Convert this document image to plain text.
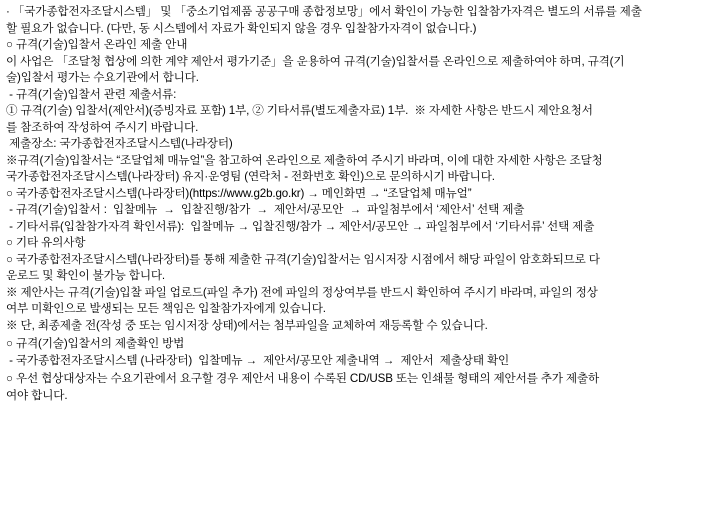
· 「국가종합전자조달시스템」 및 「중소기업제품 공공구매 종합정보망」에서 확인이 가능한 입찰참가자격은 별도의 서류를 제출
할 필요가 없습니다. (다만, 동 시스템에서 자료가 확인되지 않을 경우 입찰참가자격이 없습니다.)
○ 규격(기술)입찰서 온라인 제출 안내
이 사업은 「조달청 협상에 의한 계약 제안서 평가기준」을 운용하여 규격(기술)입찰서를 온라인으로 제출하여야 하며, 규격(기
술)입찰서 평가는 수요기관에서 합니다.
- 규격(기술)입찰서 관련 제출서류:
① 규격(기술) 입찰서(제안서)(증빙자료 포함) 1부, ② 기타서류(별도제출자료) 1부.  ※ 자세한 사항은 반드시 제안요청서
를 참조하여 작성하여 주시기 바랍니다.
제출장소: 국가종합전자조달시스템(나라장터)
※규격(기술)입찰서는 “조달업체 매뉴얼”을 참고하여 온라인으로 제출하여 주시기 바라며, 이에 대한 자세한 사항은 조달청
국가종합전자조달시스템(나라장터) 유지·운영팀 (연락처 - 전화번호 확인)으로 문의하시기 바랍니다.
○ 국가종합전자조달시스템(나라장터)(https://www.g2b.go.kr) → 메인화면 → “조달업체 매뉴얼”
- 규격(기술)입찰서 :  입찰메뉴  →  입찰진행/참가  →  제안서/공모안  →  파일첨부에서 ‘제안서’ 선택 제출
- 기타서류(입찰참가자격 확인서류):  입찰메뉴 → 입찰진행/참가 → 제안서/공모안 → 파일첨부에서 ‘기타서류’ 선택 제출
○ 기타 유의사항
○ 국가종합전자조달시스템(나라장터)를 통해 제출한 규격(기술)입찰서는 임시저장 시점에서 해당 파일이 암호화되므로 다
운로드 및 확인이 불가능 합니다.
※ 제안사는 규격(기술)입찰 파일 업로드(파일 추가) 전에 파일의 정상여부를 반드시 확인하여 주시기 바라며, 파일의 정상
여부 미확인으로 발생되는 모든 책임은 입찰참가자에게 있습니다.
※ 단, 최종제출 전(작성 중 또는 임시저장 상태)에서는 첨부파일을 교체하여 재등록할 수 있습니다.
○ 규격(기술)입찰서의 제출확인 방법
- 국가종합전자조달시스템 (나라장터)  입찰메뉴 →  제안서/공모안 제출내역 →  제안서  제출상태 확인
○ 우선 협상대상자는 수요기관에서 요구할 경우 제안서 내용이 수록된 CD/USB 또는 인쇄물 형태의 제안서를 추가 제출하
여야 합니다.
